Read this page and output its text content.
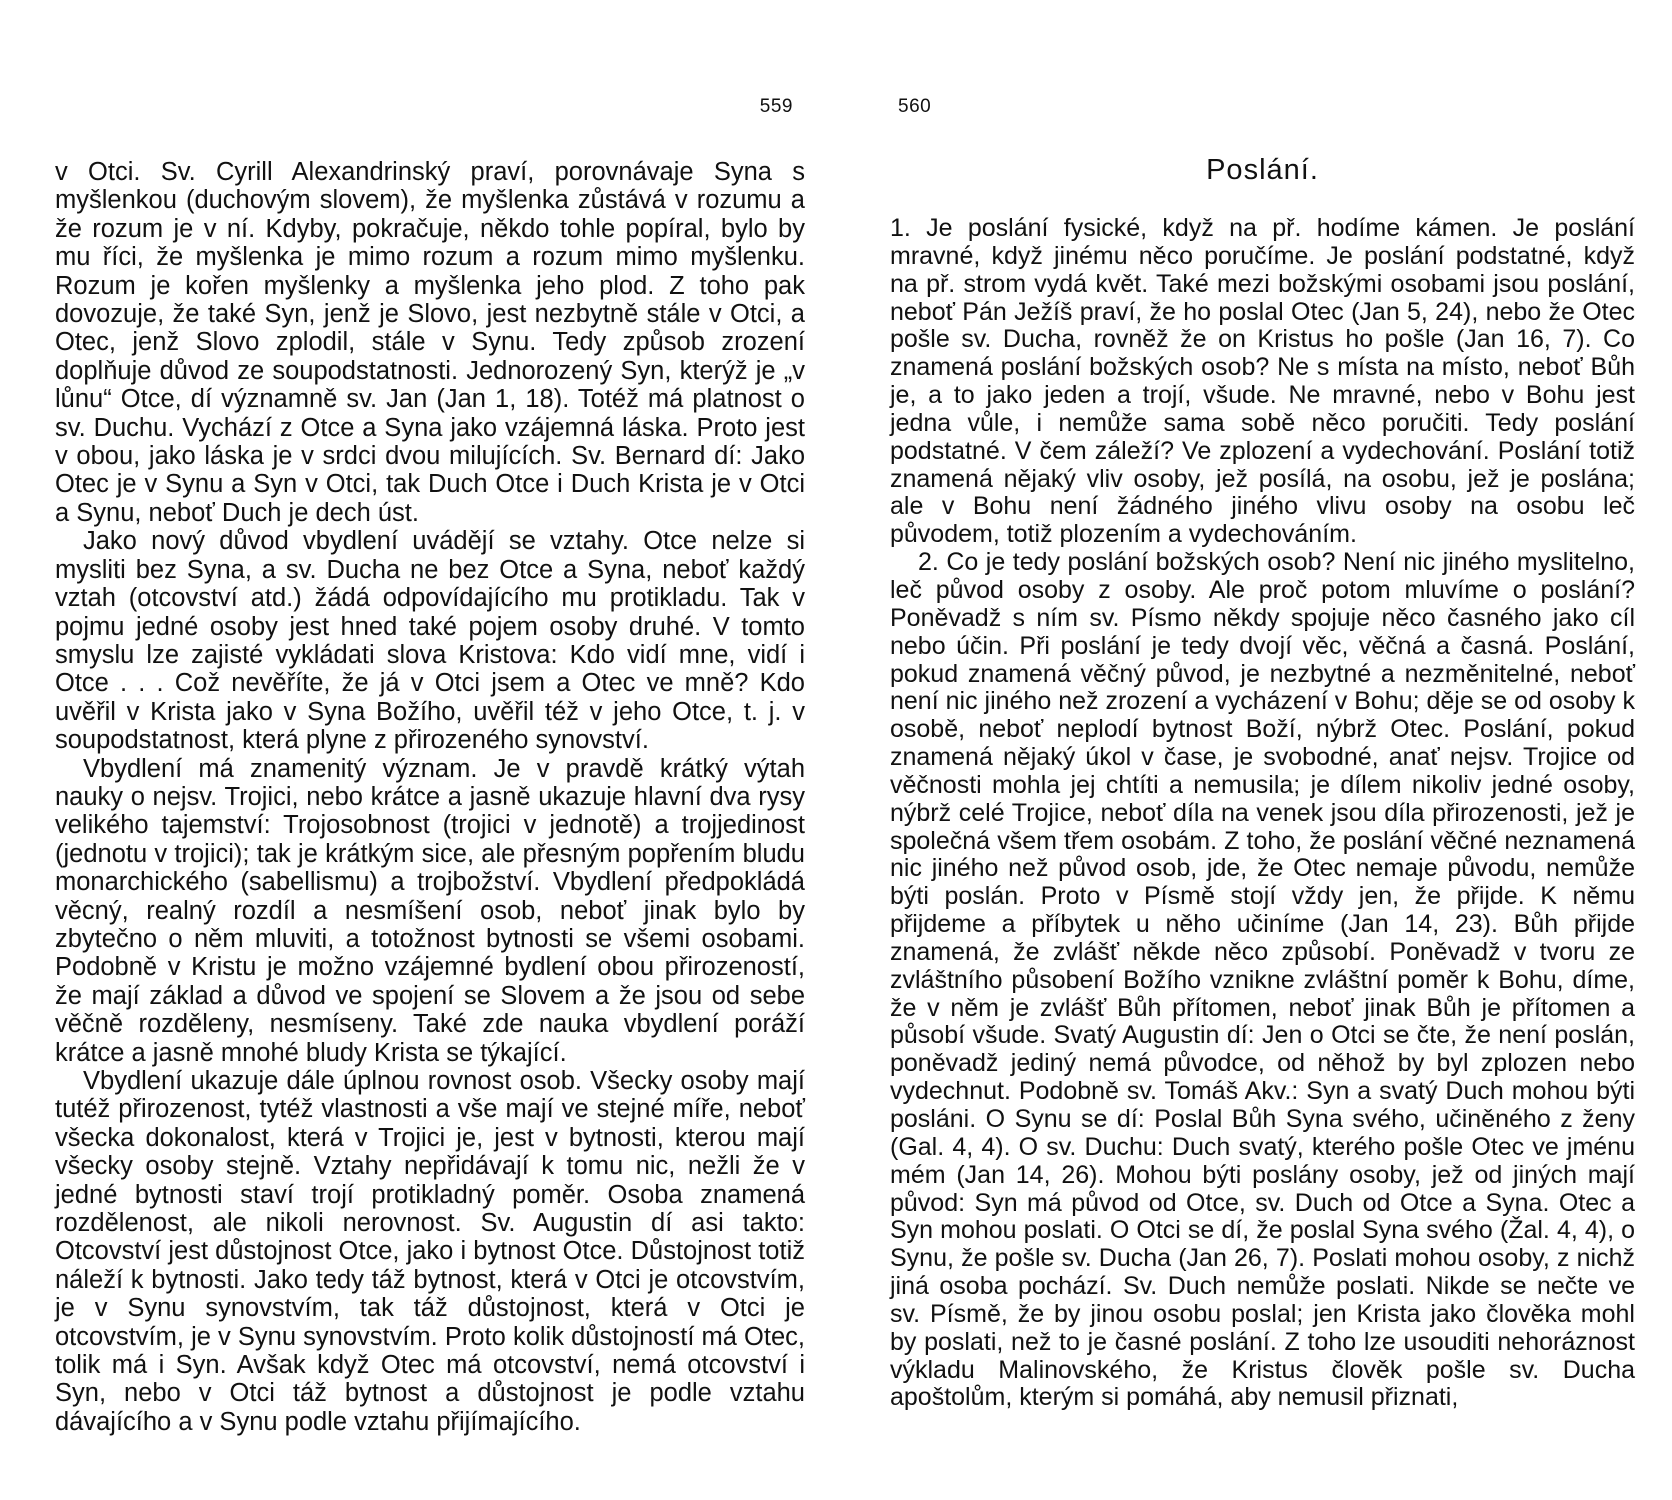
559

v Otci. Sv. Cyrill Alexandrinský praví, porovnávaje Syna s myšlenkou (duchovým slovem), že myšlenka zůstává v rozumu a že rozum je v ní. Kdyby, pokračuje, někdo tohle popíral, bylo by mu říci, že myšlenka je mimo rozum a rozum mimo myšlenku. Rozum je kořen myšlenky a myšlenka jeho plod. Z toho pak dovozuje, že také Syn, jenž je Slovo, jest nezbytně stále v Otci, a Otec, jenž Slovo zplodil, stále v Synu. Tedy způsob zrození doplňuje důvod ze soupodstatnosti. Jednorozený Syn, kterýž je „v lůnu“ Otce, dí významně sv. Jan (Jan 1, 18). Totéž má platnost o sv. Duchu. Vychází z Otce a Syna jako vzájemná láska. Proto jest v obou, jako láska je v srdci dvou milujících. Sv. Bernard dí: Jako Otec je v Synu a Syn v Otci, tak Duch Otce i Duch Krista je v Otci a Synu, neboť Duch je dech úst.

Jako nový důvod vbydlení uvádějí se vztahy. Otce nelze si mysliti bez Syna, a sv. Ducha ne bez Otce a Syna, neboť každý vztah (otcovství atd.) žádá odpovídajícího mu protikladu. Tak v pojmu jedné osoby jest hned také pojem osoby druhé. V tomto smyslu lze zajisté vykládati slova Kristova: Kdo vidí mne, vidí i Otce . . . Což nevěříte, že já v Otci jsem a Otec ve mně? Kdo uvěřil v Krista jako v Syna Božího, uvěřil též v jeho Otce, t. j. v soupodstatnost, která plyne z přirozeného synovství.

Vbydlení má znamenitý význam. Je v pravdě krátký výtah nauky o nejsv. Trojici, nebo krátce a jasně ukazuje hlavní dva rysy velikého tajemství: Trojosobnost (trojici v jednotě) a trojjedinost (jednotu v trojici); tak je krátkým sice, ale přesným popřením bludu monarchického (sabellismu) a trojbožství. Vbydlení předpokládá věcný, realný rozdíl a nesmíšení osob, neboť jinak bylo by zbytečno o něm mluviti, a totožnost bytnosti se všemi osobami. Podobně v Kristu je možno vzájemné bydlení obou přirozeností, že mají základ a důvod ve spojení se Slovem a že jsou od sebe věčně rozděleny, nesmíseny. Také zde nauka vbydlení poráží krátce a jasně mnohé bludy Krista se týkající.

Vbydlení ukazuje dále úplnou rovnost osob. Všecky osoby mají tutéž přirozenost, tytéž vlastnosti a vše mají ve stejné míře, neboť všecka dokonalost, která v Trojici je, jest v bytnosti, kterou mají všecky osoby stejně. Vztahy nepřidávají k tomu nic, nežli že v jedné bytnosti staví trojí protikladný poměr. Osoba znamená rozdělenost, ale nikoli nerovnost. Sv. Augustin dí asi takto: Otcovství jest důstojnost Otce, jako i bytnost Otce. Důstojnost totiž náleží k bytnosti. Jako tedy táž bytnost, která v Otci je otcovstvím, je v Synu synovstvím, tak táž důstojnost, která v Otci je otcovstvím, je v Synu synovstvím. Proto kolik důstojností má Otec, tolik má i Syn. Avšak když Otec má otcovství, nemá otcovství i Syn, nebo v Otci táž bytnost a důstojnost je podle vztahu dávajícího a v Synu podle vztahu přijímajícího.

560
Poslání.

1. Je poslání fysické, když na př. hodíme kámen. Je poslání mravné, když jinému něco poručíme. Je poslání podstatné, když na př. strom vydá květ. Také mezi božskými osobami jsou poslání, neboť Pán Ježíš praví, že ho poslal Otec (Jan 5, 24), nebo že Otec pošle sv. Ducha, rovněž že on Kristus ho pošle (Jan 16, 7). Co znamená poslání božských osob? Ne s místa na místo, neboť Bůh je, a to jako jeden a trojí, všude. Ne mravné, nebo v Bohu jest jedna vůle, i nemůže sama sobě něco poručiti. Tedy poslání podstatné. V čem záleží? Ve zplození a vydechování. Poslání totiž znamená nějaký vliv osoby, jež posílá, na osobu, jež je poslána; ale v Bohu není žádného jiného vlivu osoby na osobu leč původem, totiž plozením a vydechováním.

2. Co je tedy poslání božských osob? Není nic jiného myslitelno, leč původ osoby z osoby. Ale proč potom mluvíme o poslání? Poněvadž s ním sv. Písmo někdy spojuje něco časného jako cíl nebo účin. Při poslání je tedy dvojí věc, věčná a časná. Poslání, pokud znamená věčný původ, je nezbytné a nezměnitelné, neboť není nic jiného než zrození a vycházení v Bohu; děje se od osoby k osobě, neboť neplodí bytnost Boží, nýbrž Otec. Poslání, pokud znamená nějaký úkol v čase, je svobodné, anať nejsv. Trojice od věčnosti mohla jej chtíti a nemusila; je dílem nikoliv jedné osoby, nýbrž celé Trojice, neboť díla na venek jsou díla přirozenosti, jež je společná všem třem osobám. Z toho, že poslání věčné neznamená nic jiného než původ osob, jde, že Otec nemaje původu, nemůže býti poslán. Proto v Písmě stojí vždy jen, že přijde. K němu přijdeme a příbytek u něho učiníme (Jan 14, 23). Bůh přijde znamená, že zvlášť někde něco způsobí. Poněvadž v tvoru ze zvláštního působení Božího vznikne zvláštní poměr k Bohu, díme, že v něm je zvlášť Bůh přítomen, neboť jinak Bůh je přítomen a působí všude. Svatý Augustin dí: Jen o Otci se čte, že není poslán, poněvadž jediný nemá původce, od něhož by byl zplozen nebo vydechnut. Podobně sv. Tomáš Akv.: Syn a svatý Duch mohou býti posláni. O Synu se dí: Poslal Bůh Syna svého, učiněného z ženy (Gal. 4, 4). O sv. Duchu: Duch svatý, kterého pošle Otec ve jménu mém (Jan 14, 26). Mohou býti poslány osoby, jež od jiných mají původ: Syn má původ od Otce, sv. Duch od Otce a Syna. Otec a Syn mohou poslati. O Otci se dí, že poslal Syna svého (Žal. 4, 4), o Synu, že pošle sv. Ducha (Jan 26, 7). Poslati mohou osoby, z nichž jiná osoba pochází. Sv. Duch nemůže poslati. Nikde se nečte ve sv. Písmě, že by jinou osobu poslal; jen Krista jako člověka mohl by poslati, než to je časné poslání. Z toho lze usouditi nehoráznost výkladu Malinovského, že Kristus člověk pošle sv. Ducha apoštolům, kterým si pomáhá, aby nemusil přiznati,
